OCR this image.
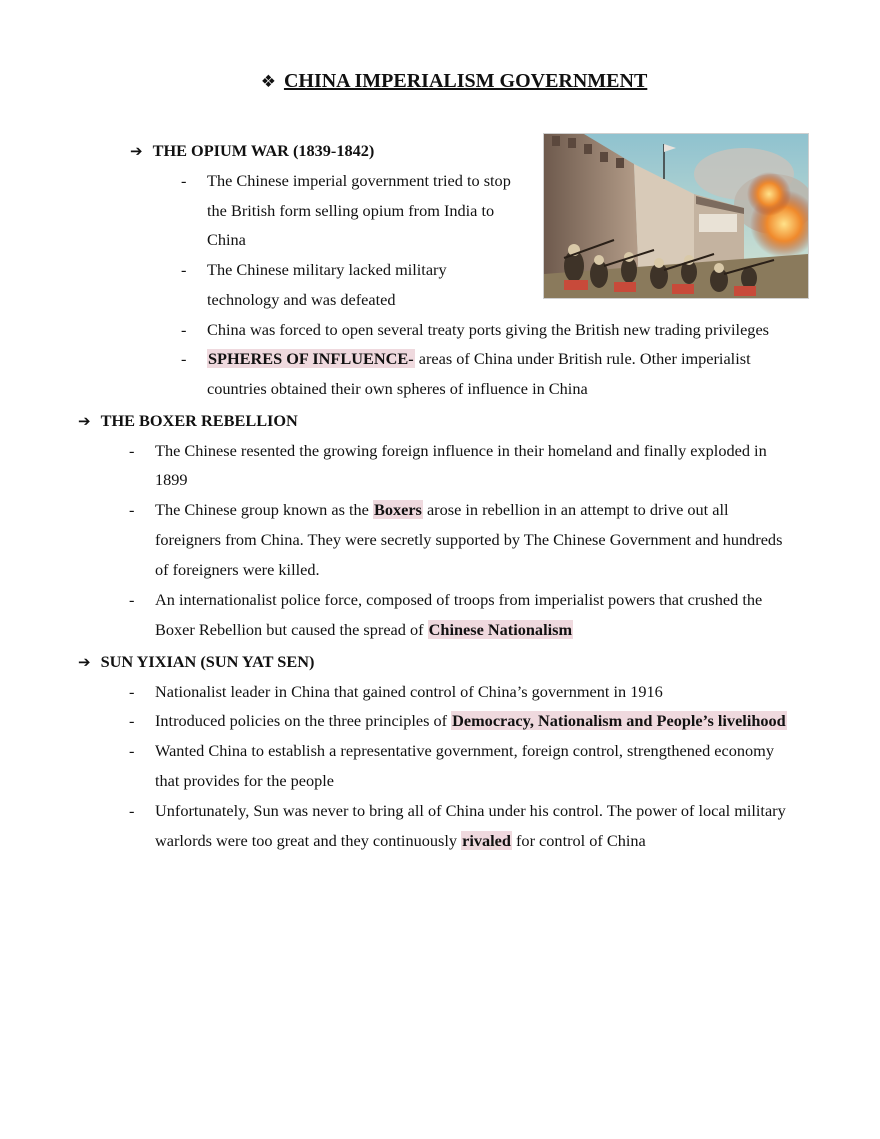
❖ CHINA IMPERIALISM GOVERNMENT
➔ THE OPIUM WAR (1839-1842)
- The Chinese imperial government tried to stop
the British form selling opium from India to
China
- The Chinese military lacked military
technology and was defeated
- China was forced to open several treaty ports giving the British new trading privileges
- SPHERES OF INFLUENCE- areas of China under British rule. Other imperialist
countries obtained their own spheres of influence in China
➔ THE BOXER REBELLION
- The Chinese resented the growing foreign influence in their homeland and finally exploded in
1899
- The Chinese group known as the Boxers arose in rebellion in an attempt to drive out all
foreigners from China. They were secretly supported by The Chinese Government and hundreds
of foreigners were killed.
- An internationalist police force, composed of troops from imperialist powers that crushed the
Boxer Rebellion but caused the spread of Chinese Nationalism
➔ SUN YIXIAN (SUN YAT SEN)
- Nationalist leader in China that gained control of China’s government in 1916
- Introduced policies on the three principles of Democracy, Nationalism and People’s livelihood
- Wanted China to establish a representative government, foreign control, strengthened economy
that provides for the people
- Unfortunately, Sun was never to bring all of China under his control. The power of local military
warlords were too great and they continuously rivaled for control of China
